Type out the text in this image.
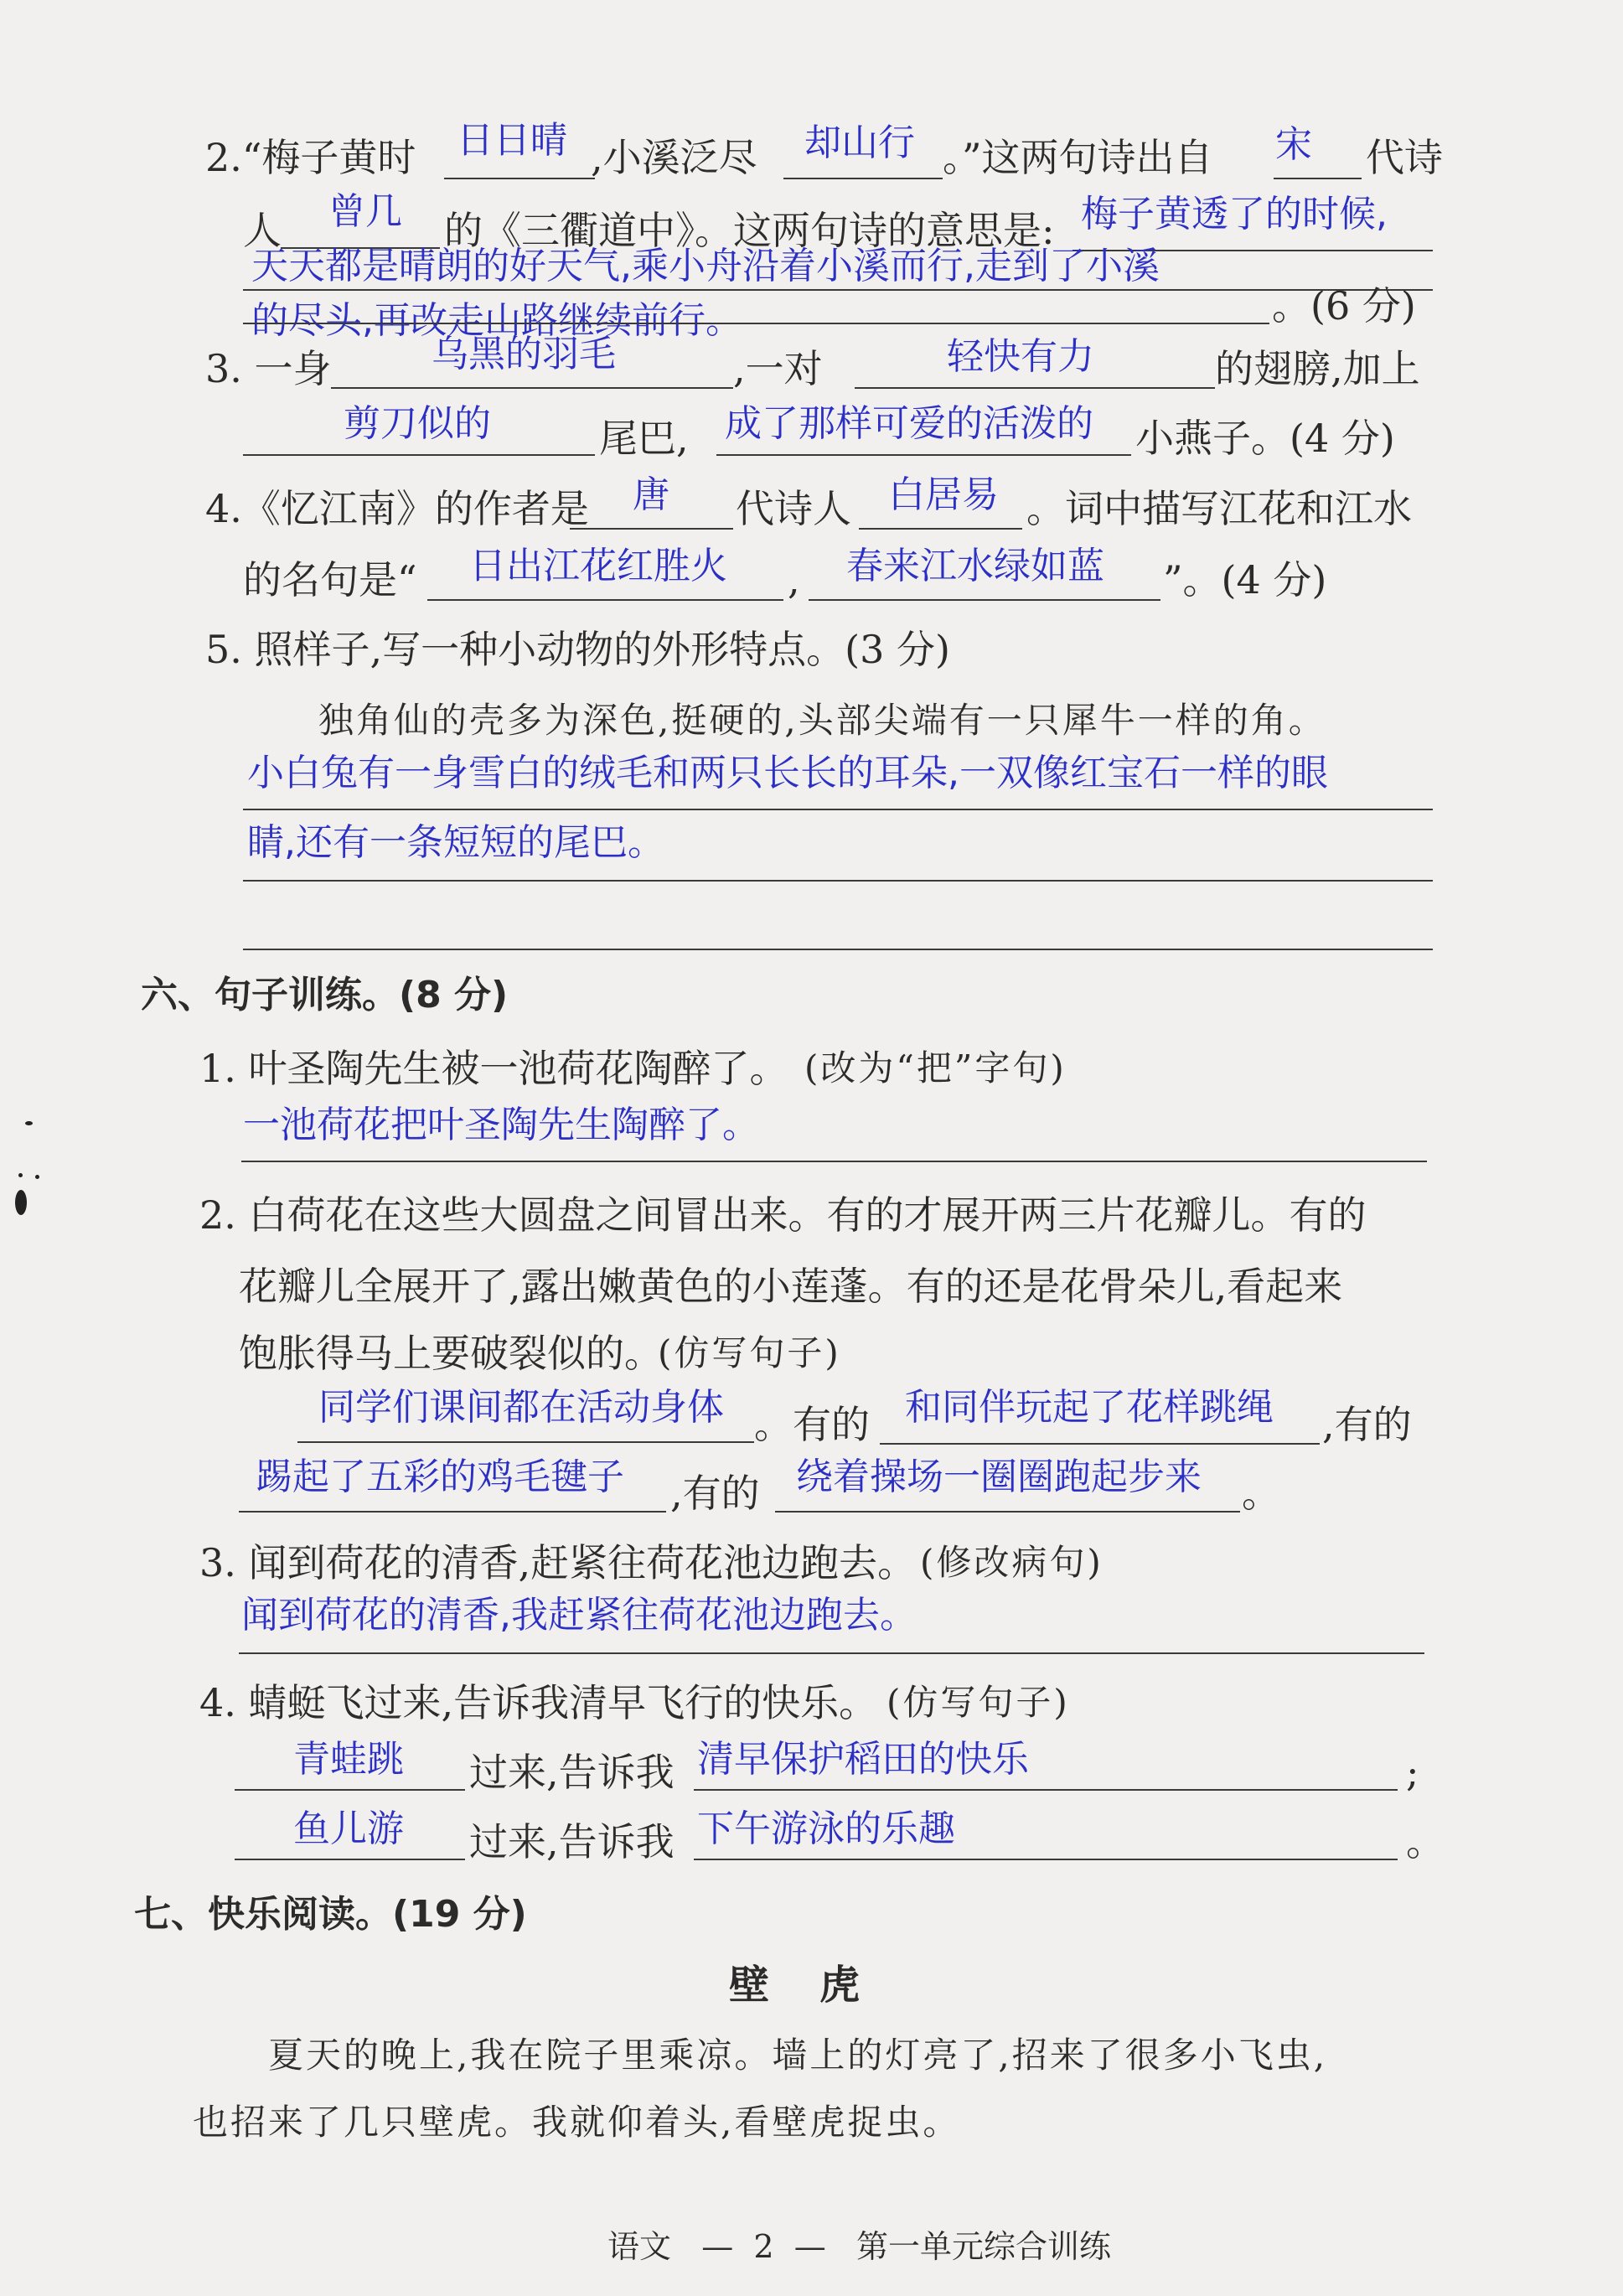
2.“梅子黄时 日日晴 ,小溪泛尽 却山行 。”这两句诗出自 宋 代诗
人 曾几 的《三衢道中》。这两句诗的意思是: 梅子黄透了的时候,
天天都是晴朗的好天气,乘小舟沿着小溪而行,走到了小溪
的尽头,再改走山路继续前行。	。(6 分)
3. 一身	乌黑的羽毛	,一对	轻快有力	的翅膀,加上
剪刀似的	尾巴, 成了那样可爱的活泼的 小燕子。(4 分)
4.《忆江南》的作者是 唐 代诗人 白居易 。词中描写江花和江水
的名句是“ 日出江花红胜火 , 春来江水绿如蓝 ”。(4 分)
5. 照样子,写一种小动物的外形特点。(3 分)
独角仙的壳多为深色,挺硬的,头部尖端有一只犀牛一样的角。
小白兔有一身雪白的绒毛和两只长长的耳朵,一双像红宝石一样的眼
睛,还有一条短短的尾巴。
六、句子训练。(8 分)
1. 叶圣陶先生被一池荷花陶醉了。 (改为“把”字句)
一池荷花把叶圣陶先生陶醉了。
2. 白荷花在这些大圆盘之间冒出来。有的才展开两三片花瓣儿。有的
花瓣儿全展开了,露出嫩黄色的小莲蓬。有的还是花骨朵儿,看起来
饱胀得马上要破裂似的。
(仿写句子)
同学们课间都在活动身体 。有的 和同伴玩起了花样跳绳 ,有的
踢起了五彩的鸡毛毽子 ,有的 绕着操场一圈圈跑起步来 。
3. 闻到荷花的清香,赶紧往荷花池边跑去。 (修改病句)
闻到荷花的清香,我赶紧往荷花池边跑去。
4. 蜻蜓飞过来,告诉我清早飞行的快乐。 (仿写句子)
青蛙跳 过来,告诉我 清早保护稻田的快乐	;
鱼儿游 过来,告诉我 下午游泳的乐趣	。
七、快乐阅读。(19 分)
壁虎
夏天的晚上,我在院子里乘凉。墙上的灯亮了,招来了很多小飞虫,
也招来了几只壁虎。我就仰着头,看壁虎捉虫。
语文   —  2  —   第一单元综合训练
